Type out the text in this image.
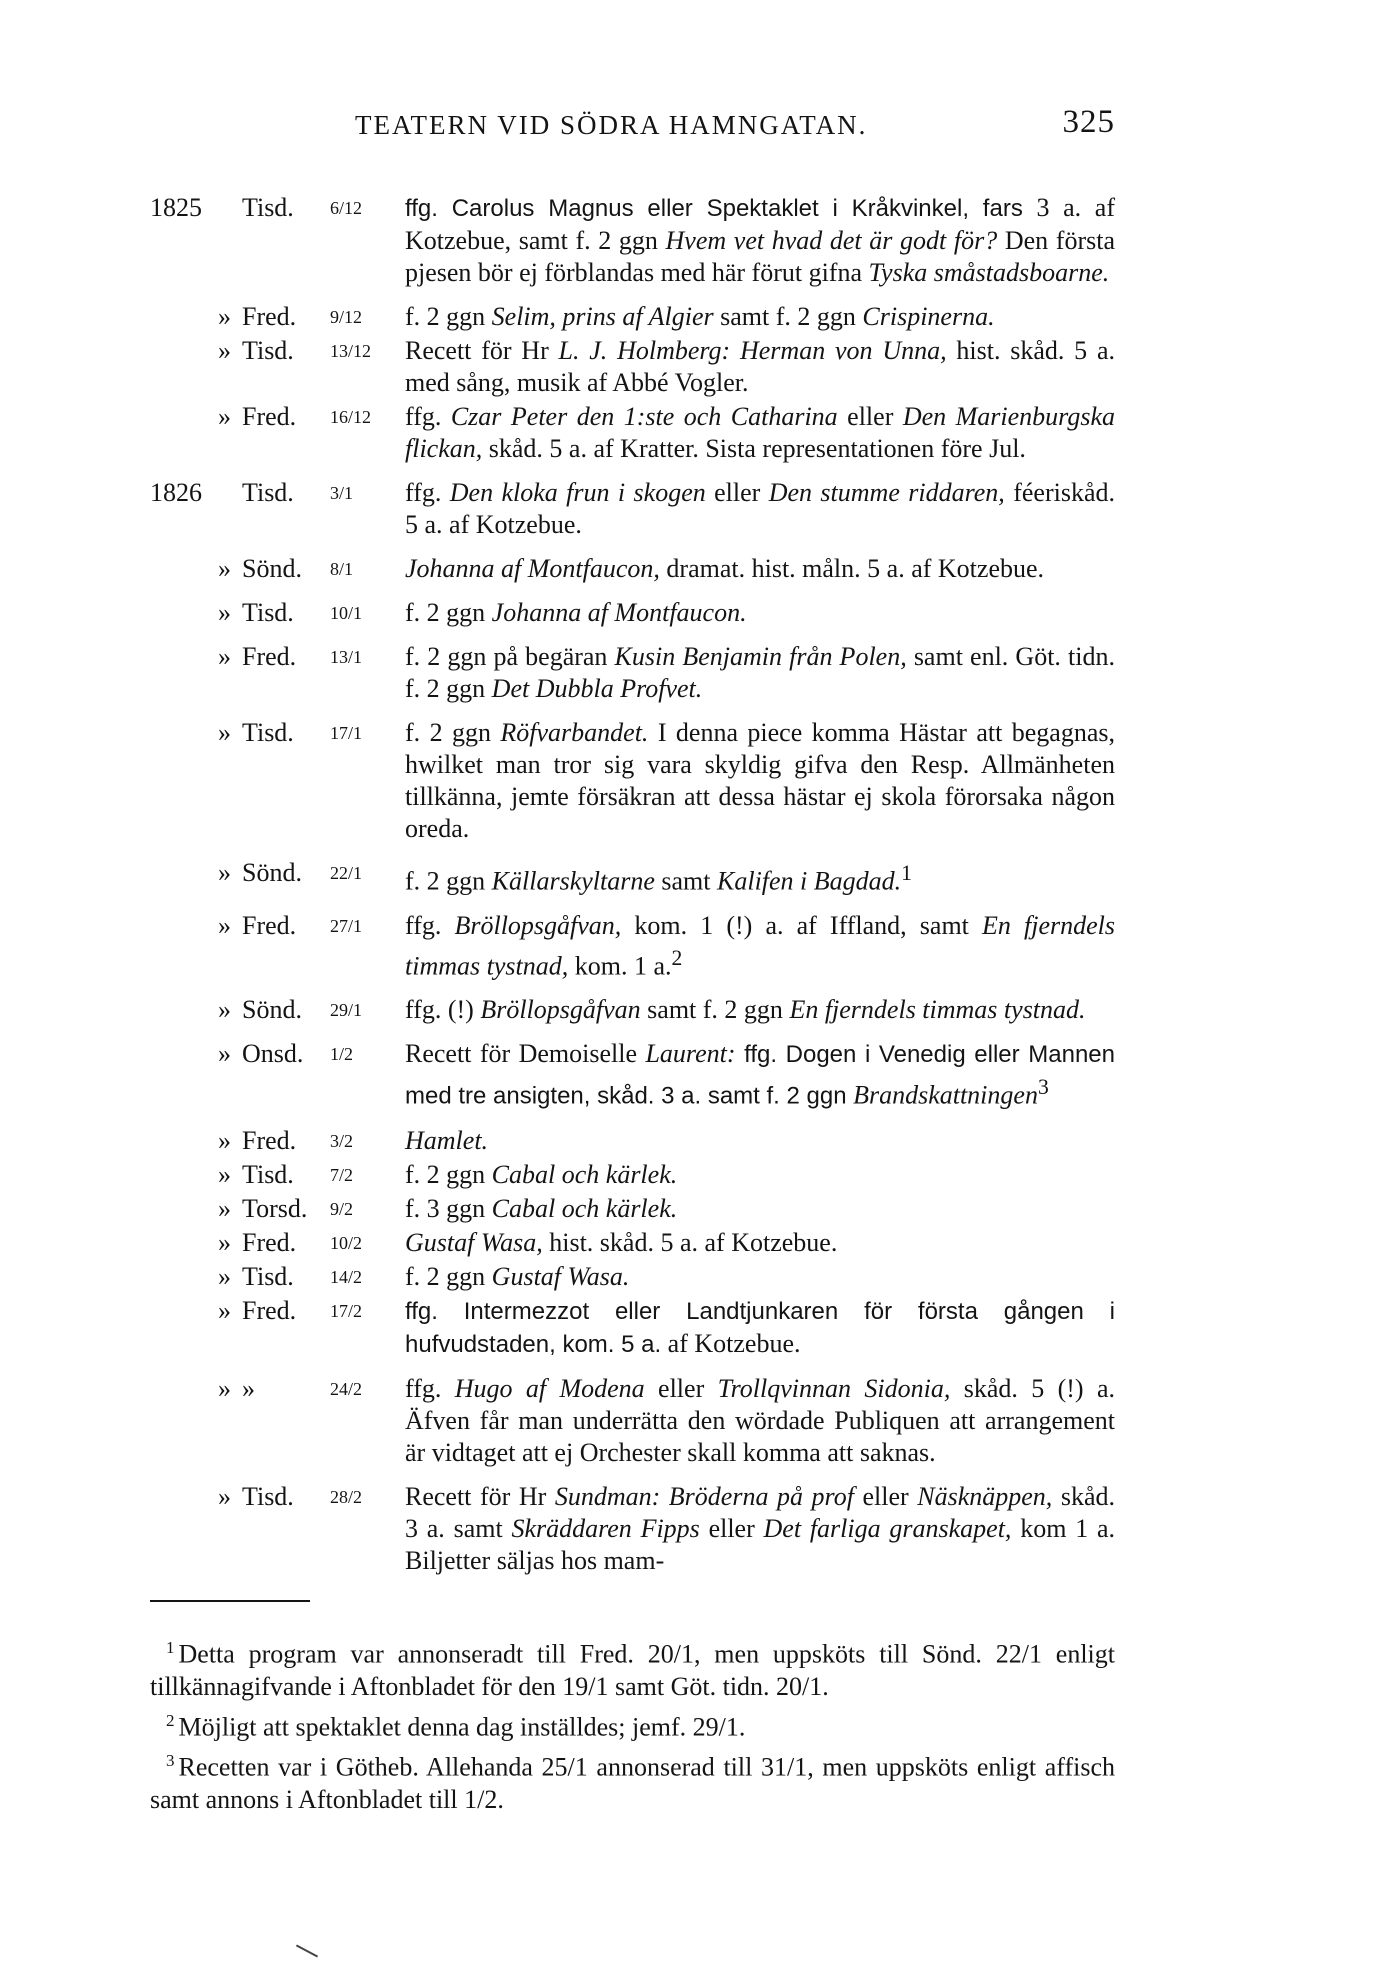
TEATERN VID SÖDRA HAMNGATAN.	325
1825	Tisd.	6/12	ffg. Carolus Magnus eller Spektaklet i Kråkvinkel, fars 3 a. af Kotzebue, samt f. 2 ggn Hvem vet hvad det är godt för? Den första pjesen bör ej förblandas med här förut gifna Tyska småstadsboarne.
» Fred.	9/12	f. 2 ggn Selim, prins af Algier samt f. 2 ggn Crispinerna.
» Tisd.	13/12	Recett för Hr L. J. Holmberg: Herman von Unna, hist. skåd. 5 a. med sång, musik af Abbé Vogler.
» Fred.	16/12	ffg. Czar Peter den 1:ste och Catharina eller Den Marienburgska flickan, skåd. 5 a. af Kratter. Sista representationen före Jul.
1826	Tisd.	3/1	ffg. Den kloka frun i skogen eller Den stumme riddaren, féeriskåd. 5 a. af Kotzebue.
» Sönd.	8/1	Johanna af Montfaucon, dramat. hist. måln. 5 a. af Kotzebue.
» Tisd.	10/1	f. 2 ggn Johanna af Montfaucon.
» Fred.	13/1	f. 2 ggn på begäran Kusin Benjamin från Polen, samt enl. Göt. tidn. f. 2 ggn Det Dubbla Profvet.
» Tisd.	17/1	f. 2 ggn Röfvarbandet. I denna piece komma Hästar att begagnas, hwilket man tror sig vara skyldig gifva den Resp. Allmänheten tillkänna, jemte försäkran att dessa hästar ej skola förorsaka någon oreda.
» Sönd.	22/1	f. 2 ggn Källarskyltarne samt Kalifen i Bagdad.$^1$
» Fred.	27/1	ffg. Bröllopsgåfvan, kom. 1 (!) a. af Iffland, samt En fjerndels timmas tystnad, kom. 1 a.$^2$
» Sönd.	29/1	ffg. (!) Bröllopsgåfvan samt f. 2 ggn En fjerndels timmas tystnad.
» Onsd.	1/2	Recett för Demoiselle Laurent: ffg. Dogen i Venedig eller Mannen med tre ansigten, skåd. 3 a. samt f. 2 ggn Brandskattningen$^3$
» Fred.	3/2	Hamlet.
» Tisd.	7/2	f. 2 ggn Cabal och kärlek.
» Torsd.	9/2	f. 3 ggn Cabal och kärlek.
» Fred.	10/2	Gustaf Wasa, hist. skåd. 5 a. af Kotzebue.
» Tisd.	14/2	f. 2 ggn Gustaf Wasa.
» Fred.	17/2	ffg. Intermezzot eller Landtjunkaren för första gången i hufvudstaden, kom. 5 a. af Kotzebue.
» »	24/2	ffg. Hugo af Modena eller Trollqvinnan Sidonia, skåd. 5 (!) a. Äfven får man underrätta den wördade Publiquen att arrangement är vidtaget att ej Orchester skall komma att saknas.
» Tisd.	28/2	Recett för Hr Sundman: Bröderna på prof eller Näsknäppen, skåd. 3 a. samt Skräddaren Fipps eller Det farliga granskapet, kom 1 a. Biljetter säljas hos mam-
$^1$ Detta program var annonseradt till Fred. 20/1, men uppsköts till Sönd. 22/1 enligt tillkännagifvande i Aftonbladet för den 19/1 samt Göt. tidn. 20/1.
$^2$ Möjligt att spektaklet denna dag inställdes; jemf. 29/1.
$^3$ Recetten var i Götheb. Allehanda 25/1 annonserad till 31/1, men uppsköts enligt affisch samt annons i Aftonbladet till 1/2.
